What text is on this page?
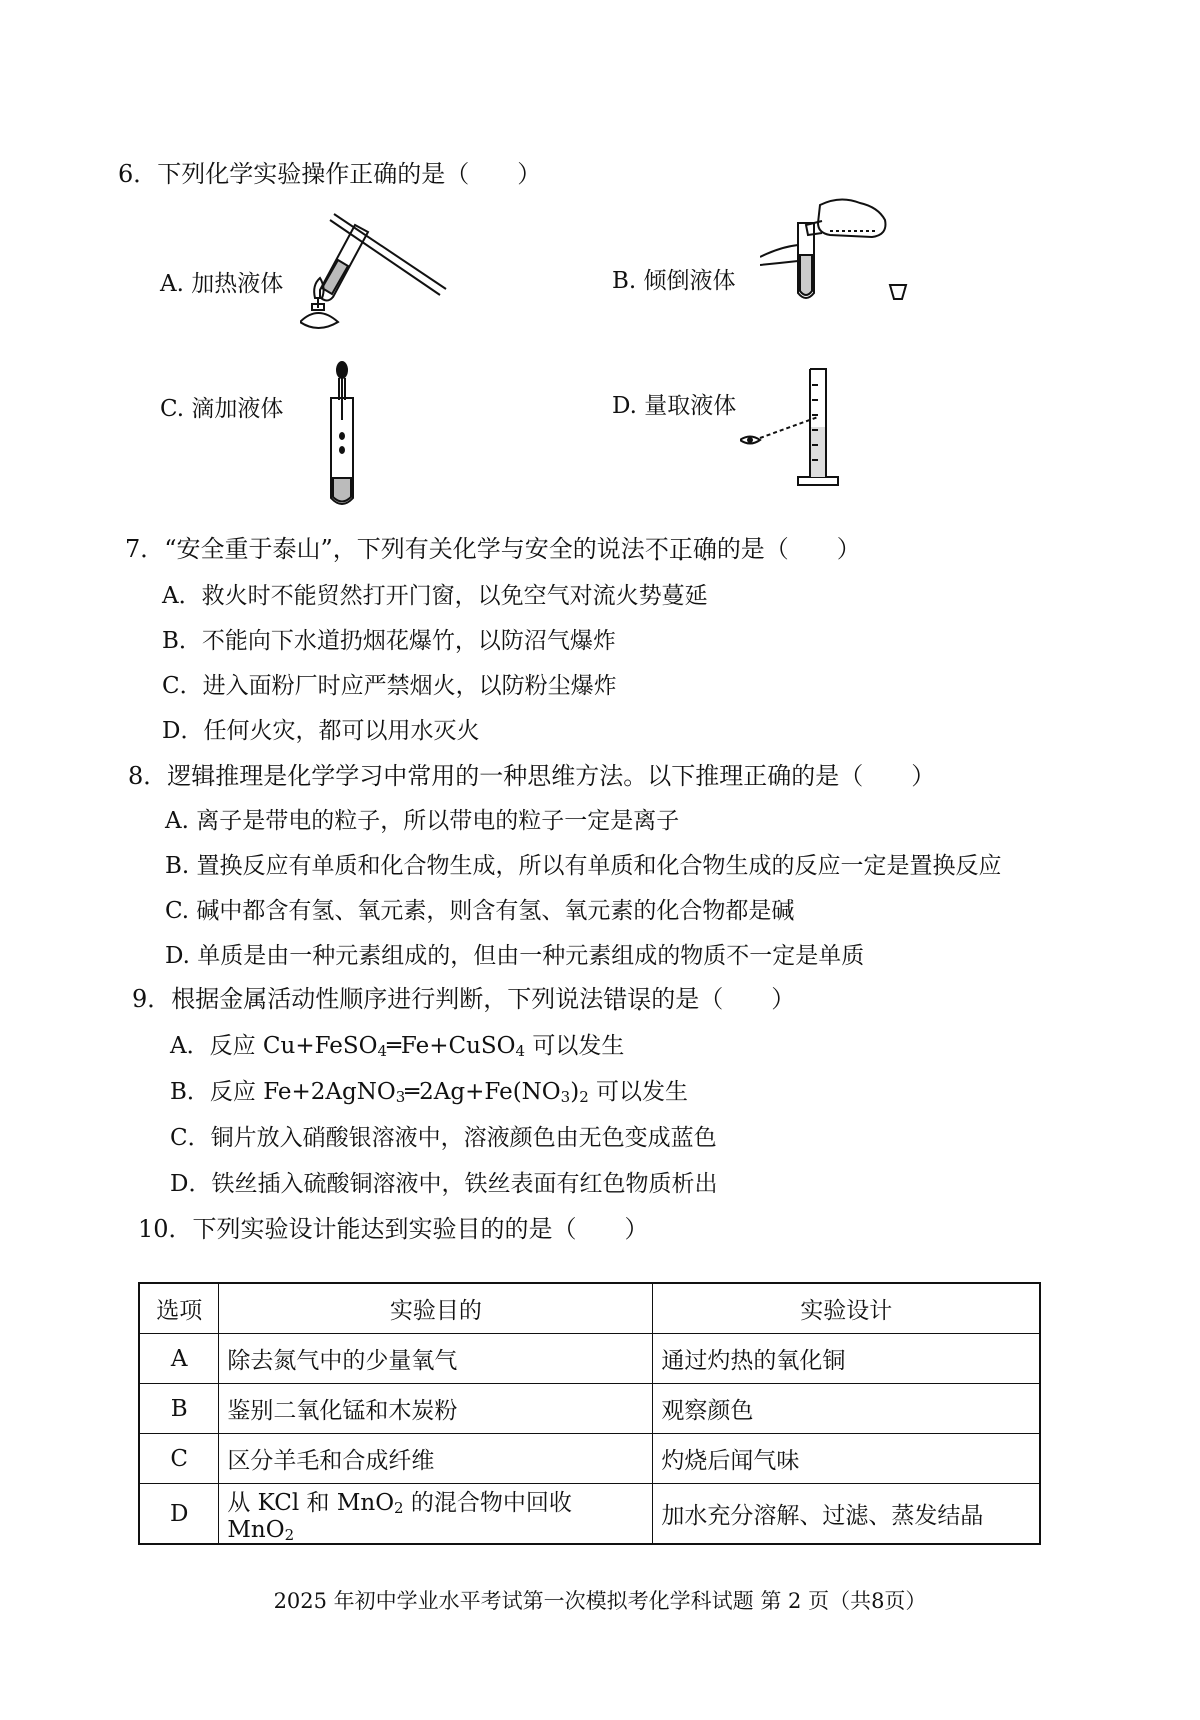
6．下列化学实验操作正确的是（　　）
A. 加热液体	B. 倾倒液体
C. 滴加液体	D. 量取液体
7．“安全重于泰山”，下列有关化学与安全的说法不正确的是（　　）
A．救火时不能贸然打开门窗，以免空气对流火势蔓延
B．不能向下水道扔烟花爆竹，以防沼气爆炸
C．进入面粉厂时应严禁烟火，以防粉尘爆炸
D．任何火灾，都可以用水灭火
8．逻辑推理是化学学习中常用的一种思维方法。以下推理正确的是（　　）
A. 离子是带电的粒子，所以带电的粒子一定是离子
B. 置换反应有单质和化合物生成，所以有单质和化合物生成的反应一定是置换反应
C. 碱中都含有氢、氧元素，则含有氢、氧元素的化合物都是碱
D. 单质是由一种元素组成的，但由一种元素组成的物质不一定是单质
9．根据金属活动性顺序进行判断，下列说法错误的是（　　）
A．反应 Cu+FeSO$_4$═Fe+CuSO$_4$ 可以发生
B．反应 $Fe+2AgNO_3═2Ag+Fe(NO_3)_2$ 可以发生
C．铜片放入硝酸银溶液中，溶液颜色由无色变成蓝色
D．铁丝插入硫酸铜溶液中，铁丝表面有红色物质析出
10．下列实验设计能达到实验目的的是（　　）
选项	实验目的	实验设计
A	除去氮气中的少量氧气	通过灼热的氧化铜
B	鉴别二氧化锰和木炭粉	观察颜色
C	区分羊毛和合成纤维	灼烧后闻气味
D	从 KCl 和 MnO$_2$ 的混合物中回收 MnO$_2$	加水充分溶解、过滤、蒸发结晶
2025 年初中学业水平考试第一次模拟考化学科试题 第 2 页（共8页）
